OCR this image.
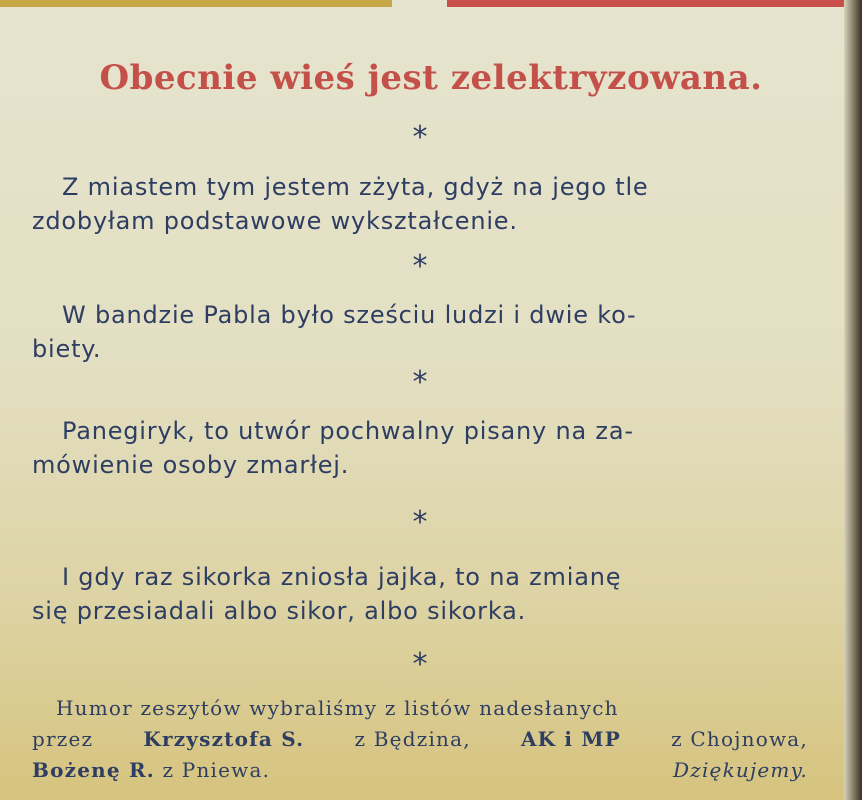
Obecnie wieś jest zelektryzowana.
*

Z miastem tym jestem zżyta, gdyż na jego tle
zdobyłam podstawowe wykształcenie.

*

W bandzie Pabla było sześciu ludzi i dwie ko-
biety.

*

Panegiryk, to utwór pochwalny pisany na za-
mówienie osoby zmarłej.

*

I gdy raz sikorka zniosła jajka, to na zmianę
się przesiadali albo sikor, albo sikorka.

*
Humor zeszytów wybraliśmy z listów nadesłanych
przez	Krzysztofa S.	z Będzina,	AK i MP	z Chojnowa,
Bożenę R. z Pniewa.	Dziękujemy.
